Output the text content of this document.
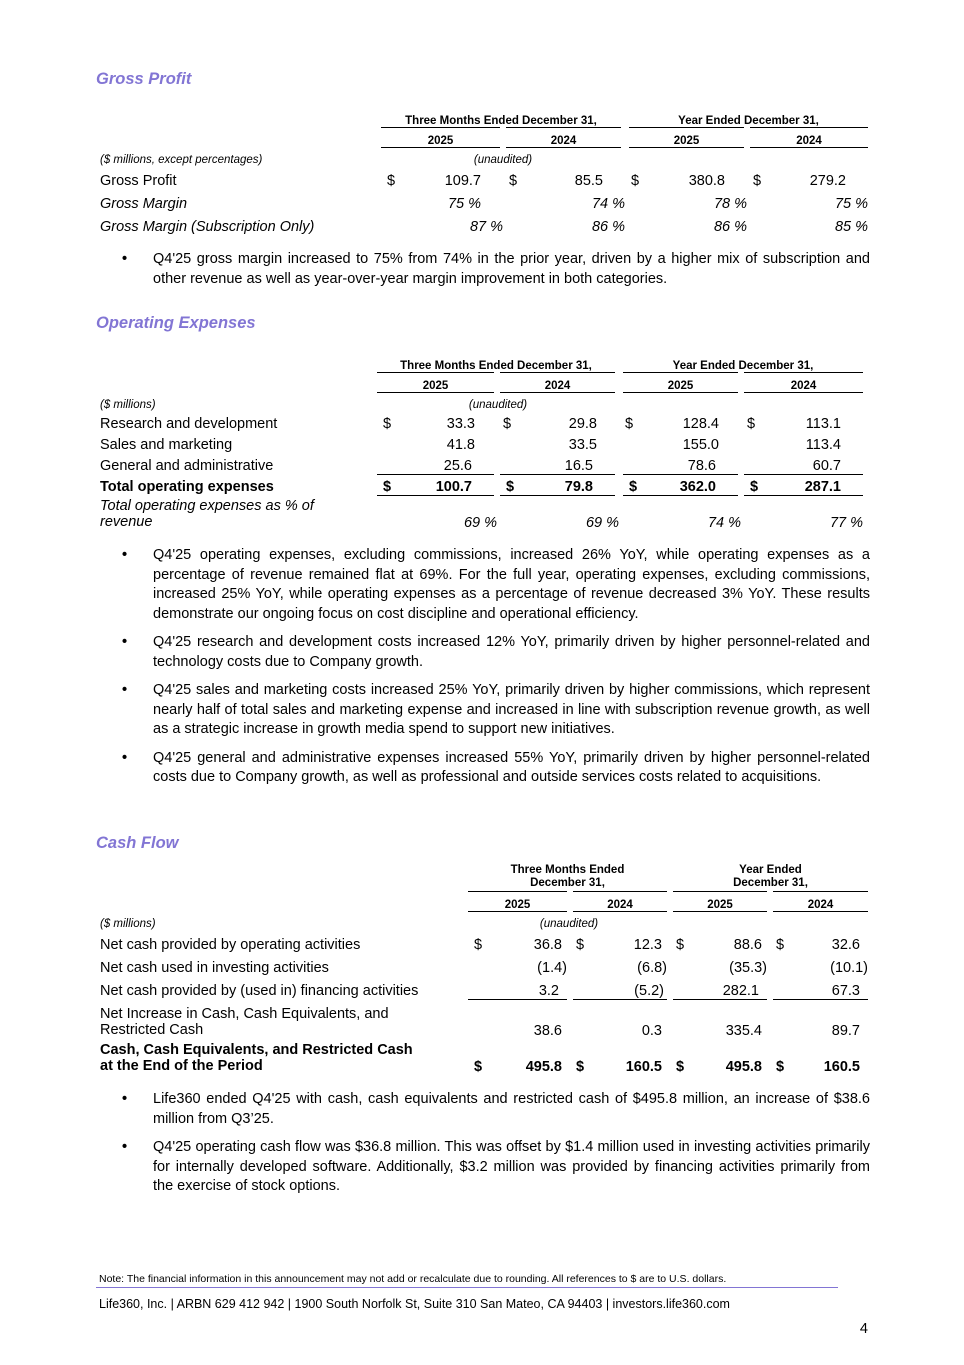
Gross Profit
	Three Months Ended December 31,				Year Ended December 31,			
	2025		2024		2025		2024	
($ millions, except percentages)	(unaudited)							
Gross Profit	$	109.7	$	85.5	$	380.8	$	279.2
Gross Margin		75 %		74 %		78 %		75 %
Gross Margin (Subscription Only)		87 %		86 %		86 %		85 %
• Q4'25 gross margin increased to 75% from 74% in the prior year, driven by a higher mix of subscription and other revenue as well as year-over-year margin improvement in both categories.
Operating Expenses
	Three Months Ended December 31,				Year Ended December 31,			
	2025		2024		2025		2024	
($ millions)	(unaudited)							
Research and development	$	33.3	$	29.8	$	128.4	$	113.1
Sales and marketing		41.8		33.5		155.0		113.4
General and administrative		25.6		16.5		78.6		60.7
Total operating expenses	$	100.7	$	79.8	$	362.0	$	287.1
Total operating expenses as % of
revenue		69 %		69 %		74 %		77 %
• Q4'25 operating expenses, excluding commissions, increased 26% YoY, while operating expenses as a percentage of revenue remained flat at 69%. For the full year, operating expenses, excluding commissions, increased 25% YoY, while operating expenses as a percentage of revenue decreased 3% YoY. These results demonstrate our ongoing focus on cost discipline and operational efficiency.
• Q4'25 research and development costs increased 12% YoY, primarily driven by higher personnel-related and technology costs due to Company growth.
• Q4'25 sales and marketing costs increased 25% YoY, primarily driven by higher commissions, which represent nearly half of total sales and marketing expense and increased in line with subscription revenue growth, as well as a strategic increase in growth media spend to support new initiatives.
• Q4'25 general and administrative expenses increased 55% YoY, primarily driven by higher personnel-related costs due to Company growth, as well as professional and outside services costs related to acquisitions.
Cash Flow
	Three Months Ended
December 31,				Year Ended
December 31,			
	2025		2024		2025		2024	
($ millions)	(unaudited)							
Net cash provided by operating activities	$	36.8	$	12.3	$	88.6	$	32.6
Net cash used in investing activities		(1.4)		(6.8)		(35.3)		(10.1)
Net cash provided by (used in) financing activities		3.2		(5.2)		282.1		67.3
Net Increase in Cash, Cash Equivalents, and
Restricted Cash		38.6		0.3		335.4		89.7
Cash, Cash Equivalents, and Restricted Cash
at the End of the Period	$	495.8	$	160.5	$	495.8	$	160.5
• Life360 ended Q4'25 with cash, cash equivalents and restricted cash of $495.8 million, an increase of $38.6 million from Q3’25.
• Q4'25 operating cash flow was $36.8 million. This was offset by $1.4 million used in investing activities primarily for internally developed software. Additionally, $3.2 million was provided by financing activities primarily from the exercise of stock options.
Note: The financial information in this announcement may not add or recalculate due to rounding. All references to $ are to U.S. dollars.
Life360, Inc. | ARBN 629 412 942 | 1900 South Norfolk St, Suite 310 San Mateo, CA 94403 | investors.life360.com
4
